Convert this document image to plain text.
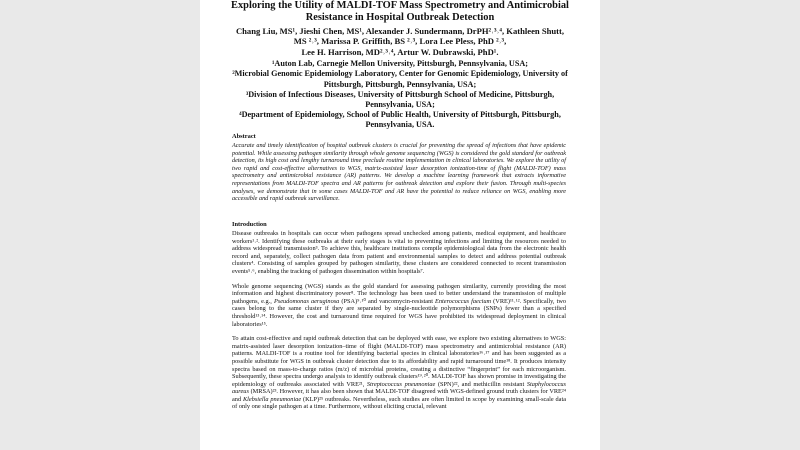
Exploring the Utility of MALDI-TOF Mass Spectrometry and Antimicrobial Resistance in Hospital Outbreak Detection
Chang Liu, MS¹, Jieshi Chen, MS¹, Alexander J. Sundermann, DrPH²˒³˒⁴, Kathleen Shutt,
MS ²˒³, Marissa P. Griffith, BS ²˒³, Lora Lee Pless, PhD ²˒³,
Lee H. Harrison, MD²˒³˒⁴, Artur W. Dubrawski, PhD¹.

¹Auton Lab, Carnegie Mellon University, Pittsburgh, Pennsylvania, USA;

²Microbial Genomic Epidemiology Laboratory, Center for Genomic Epidemiology, University of Pittsburgh, Pittsburgh, Pennsylvania, USA;

³Division of Infectious Diseases, University of Pittsburgh School of Medicine, Pittsburgh, Pennsylvania, USA;

⁴Department of Epidemiology, School of Public Health, University of Pittsburgh, Pittsburgh, Pennsylvania, USA.

Abstract

Accurate and timely identification of hospital outbreak clusters is crucial for preventing the spread of infections that have epidemic potential. While assessing pathogen similarity through whole genome sequencing (WGS) is considered the gold standard for outbreak detection, its high cost and lengthy turnaround time preclude routine implementation in clinical laboratories. We explore the utility of two rapid and cost-effective alternatives to WGS, matrix-assisted laser desorption ionization-time of flight (MALDI-TOF) mass spectrometry and antimicrobial resistance (AR) patterns. We develop a machine learning framework that extracts informative representations from MALDI-TOF spectra and AR patterns for outbreak detection and explore their fusion. Through multi-species analyses, we demonstrate that in some cases MALDI-TOF and AR have the potential to reduce reliance on WGS, enabling more accessible and rapid outbreak surveillance.

Introduction

Disease outbreaks in hospitals can occur when pathogens spread unchecked among patients, medical equipment, and healthcare workers¹˒². Identifying these outbreaks at their early stages is vital to preventing infections and limiting the resources needed to address widespread transmission³. To achieve this, healthcare institutions compile epidemiological data from the electronic health record and, separately, collect pathogen data from patient and environmental samples to detect and address potential outbreak clusters⁴. Consisting of samples grouped by pathogen similarity, these clusters are considered connected to recent transmission events⁵˒⁶, enabling the tracking of pathogen dissemination within hospitals⁷.

Whole genome sequencing (WGS) stands as the gold standard for assessing pathogen similarity, currently providing the most information and highest discriminatory power⁸. The technology has been used to better understand the transmission of multiple pathogens, e.g., Pseudomonas aeruginosa (PSA)⁹˒¹⁰ and vancomycin-resistant Enterococcus faecium (VRE)¹¹˒¹². Specifically, two cases belong to the same cluster if they are separated by single-nucleotide polymorphisms (SNPs) fewer than a specified threshold¹³˒¹⁴. However, the cost and turnaround time required for WGS have prohibited its widespread deployment in clinical laboratories¹⁵.

To attain cost-effective and rapid outbreak detection that can be deployed with ease, we explore two existing alternatives to WGS: matrix-assisted laser desorption ionization–time of flight (MALDI-TOF) mass spectrometry and antimicrobial resistance (AR) patterns. MALDI-TOF is a routine tool for identifying bacterial species in clinical laboratories¹⁶˒¹⁷ and has been suggested as a possible substitute for WGS in outbreak cluster detection due to its affordability and rapid turnaround time¹⁸. It produces intensity spectra based on mass-to-charge ratios (m/z) of microbial proteins, creating a distinctive “fingerprint” for each microorganism. Subsequently, these spectra undergo analysis to identify outbreak clusters¹⁹˒²⁰. MALDI-TOF has shown promise in investigating the epidemiology of outbreaks associated with VRE²¹, Streptococcus pneumoniae (SPN)²², and methicillin resistant Staphylococcus aureus (MRSA)²³. However, it has also been shown that MALDI-TOF disagreed with WGS-defined ground truth clusters for VRE²⁴ and Klebsiella pneumoniae (KLP)²⁵ outbreaks. Nevertheless, such studies are often limited in scope by examining small-scale data of only one single pathogen at a time. Furthermore, without eliciting crucial, relevant
